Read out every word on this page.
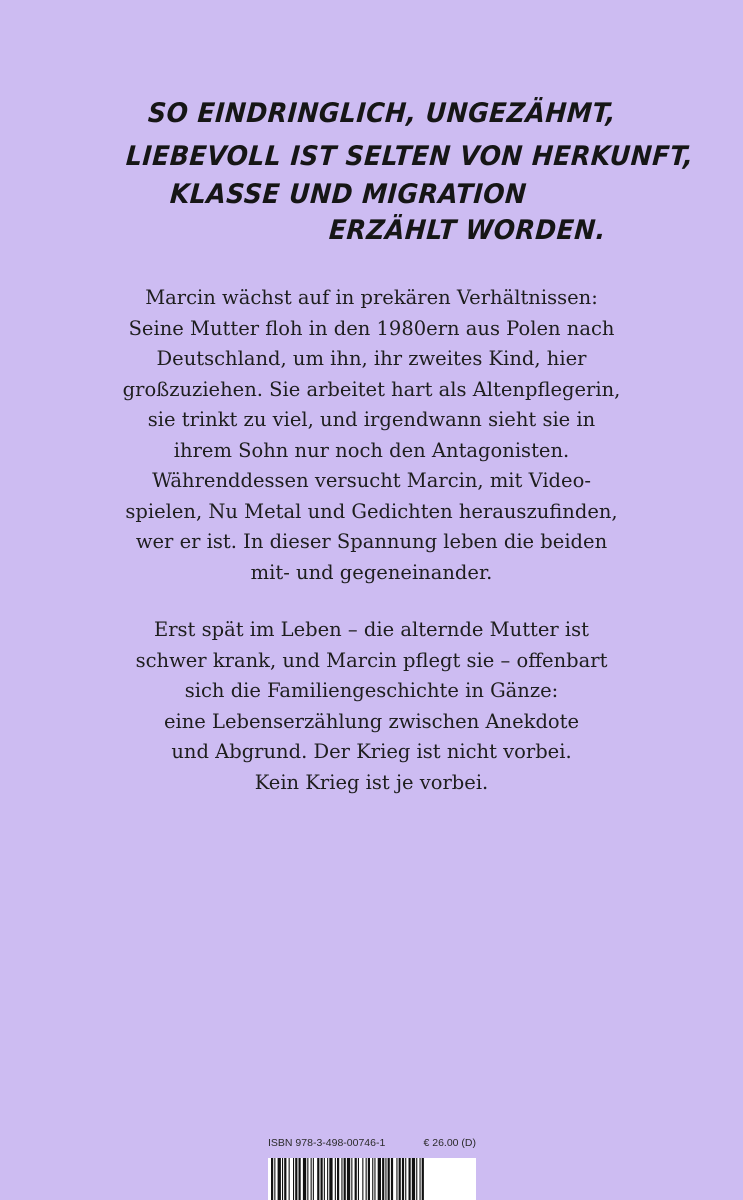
SO EINDRINGLICH, UNGEZÄHMT,
LIEBEVOLL IST SELTEN VON HERKUNFT,
KLASSE UND MIGRATION
ERZÄHLT WORDEN.
Marcin wächst auf in prekären Verhältnissen:
Seine Mutter floh in den 1980ern aus Polen nach
Deutschland, um ihn, ihr zweites Kind, hier
großzuziehen. Sie arbeitet hart als Altenpflegerin,
sie trinkt zu viel, und irgendwann sieht sie in
ihrem Sohn nur noch den Antagonisten.
Währenddessen versucht Marcin, mit Video-
spielen, Nu Metal und Gedichten herauszufinden,
wer er ist. In dieser Spannung leben die beiden
mit- und gegeneinander.
Erst spät im Leben – die alternde Mutter ist
schwer krank, und Marcin pflegt sie – offenbart
sich die Familiengeschichte in Gänze:
eine Lebenserzählung zwischen Anekdote
und Abgrund. Der Krieg ist nicht vorbei.
Kein Krieg ist je vorbei.
ISBN 978-3-498-00746-1	€ 26.00 (D)
